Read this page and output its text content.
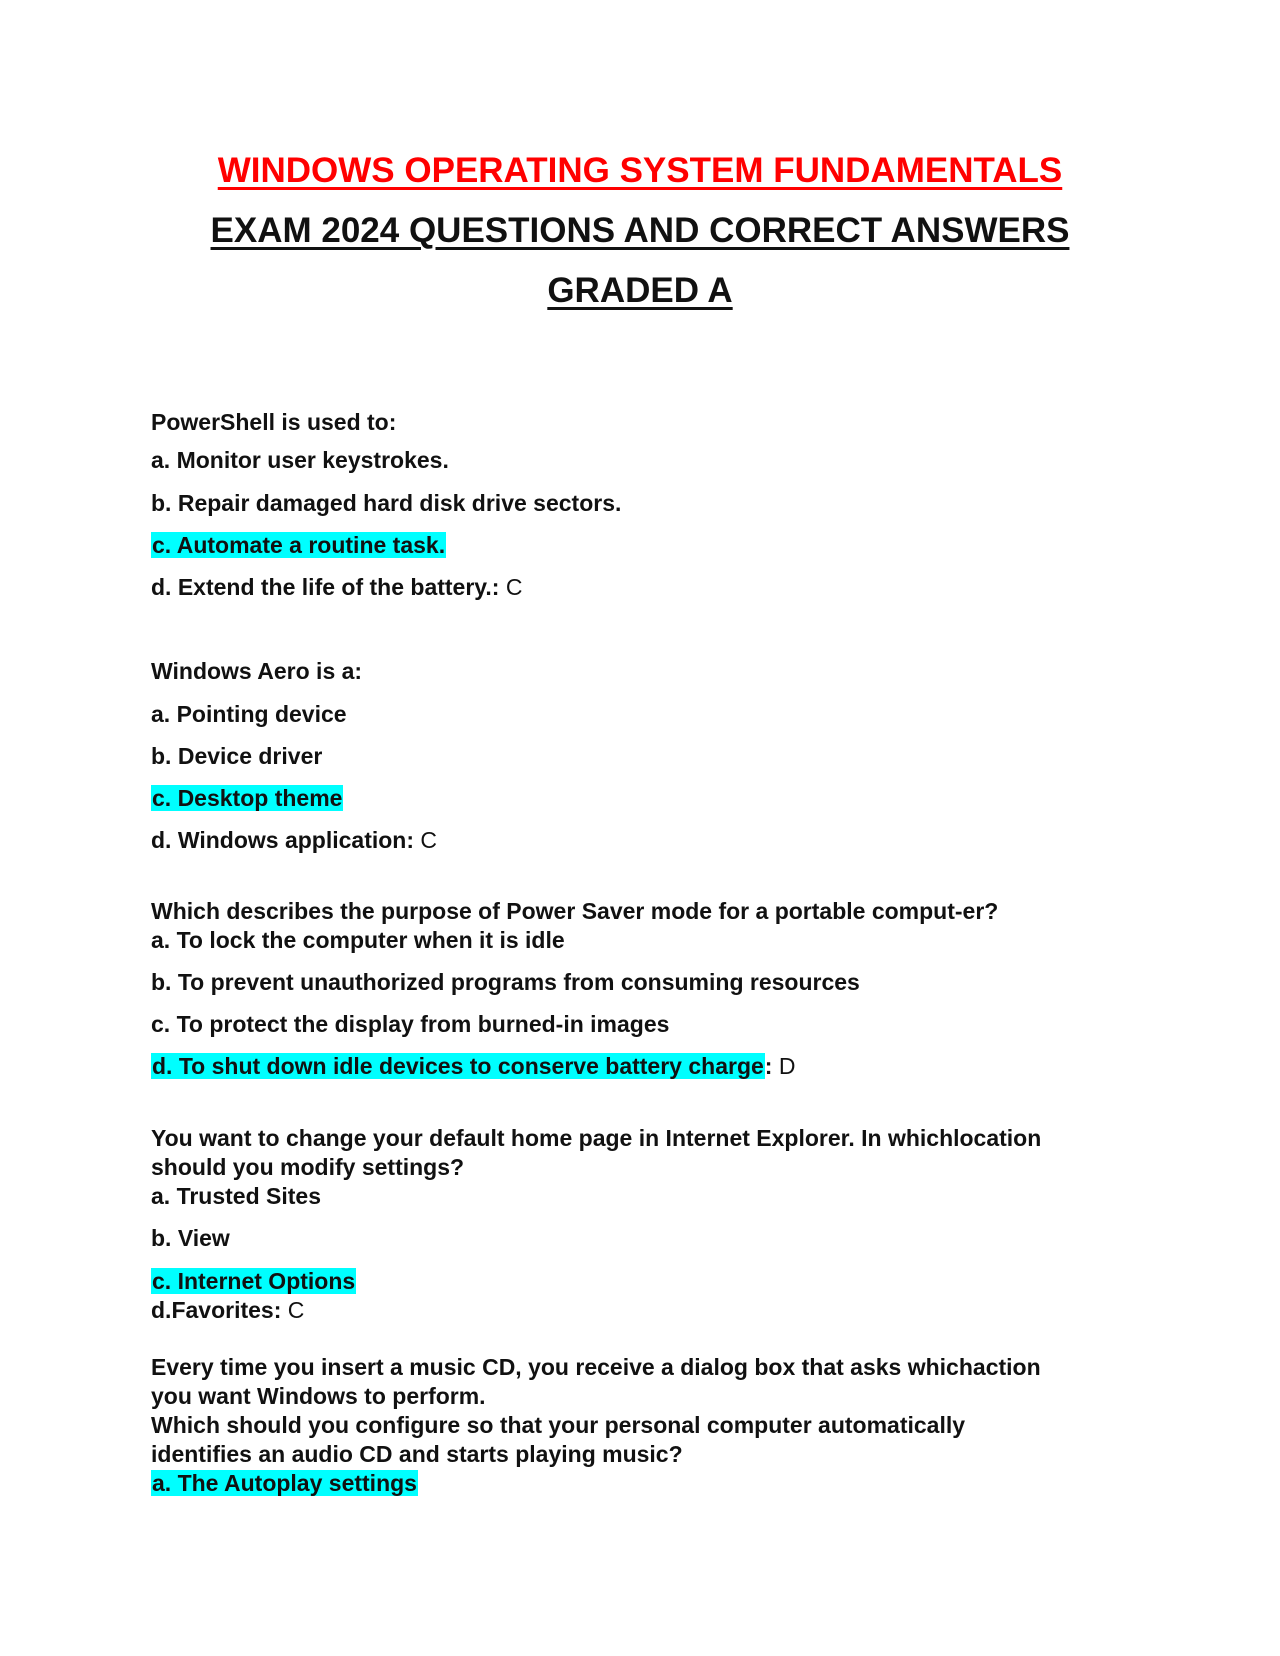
WINDOWS OPERATING SYSTEM FUNDAMENTALS
EXAM 2024 QUESTIONS AND CORRECT ANSWERS
GRADED A
PowerShell is used to:
a. Monitor user keystrokes.
b. Repair damaged hard disk drive sectors.
c. Automate a routine task.
d. Extend the life of the battery.: C
Windows Aero is a:
a. Pointing device
b. Device driver
c. Desktop theme
d. Windows application: C
Which describes the purpose of Power Saver mode for a portable comput-er?
a. To lock the computer when it is idle
b. To prevent unauthorized programs from consuming resources
c. To protect the display from burned-in images
d. To shut down idle devices to conserve battery charge: D
You want to change your default home page in Internet Explorer. In whichlocation
should you modify settings?
a. Trusted Sites
b. View
c. Internet Options
d.Favorites: C
Every time you insert a music CD, you receive a dialog box that asks whichaction
you want Windows to perform.
Which should you configure so that your personal computer automatically
identifies an audio CD and starts playing music?
a. The Autoplay settings
